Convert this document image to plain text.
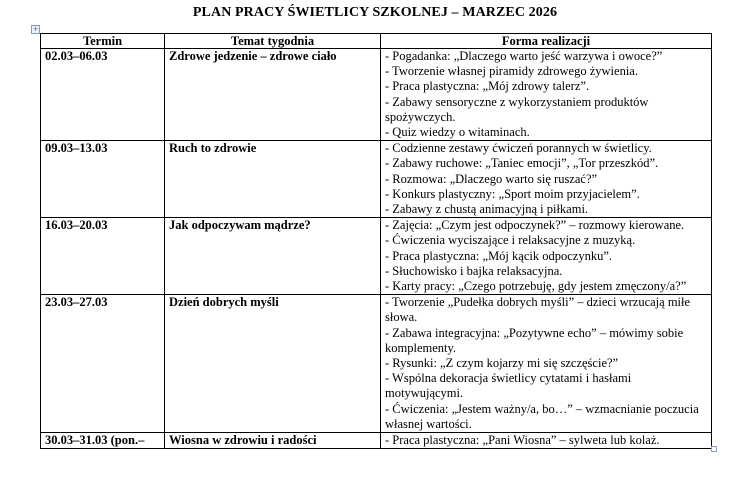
PLAN PRACY ŚWIETLICY SZKOLNEJ – MARZEC 2026
+
Termin	Temat tygodnia	Forma realizacji
02.03–06.03	Zdrowe jedzenie – zdrowe ciało	- Pogadanka: „Dlaczego warto jeść warzywa i owoce?”
- Tworzenie własnej piramidy zdrowego żywienia.
- Praca plastyczna: „Mój zdrowy talerz”.
- Zabawy sensoryczne z wykorzystaniem produktów spożywczych.
- Quiz wiedzy o witaminach.

09.03–13.03	Ruch to zdrowie	- Codzienne zestawy ćwiczeń porannych w świetlicy.
- Zabawy ruchowe: „Taniec emocji”, „Tor przeszkód”.
- Rozmowa: „Dlaczego warto się ruszać?”
- Konkurs plastyczny: „Sport moim przyjacielem”.
- Zabawy z chustą animacyjną i piłkami.

16.03–20.03	Jak odpoczywam mądrze?	- Zajęcia: „Czym jest odpoczynek?” – rozmowy kierowane.
- Ćwiczenia wyciszające i relaksacyjne z muzyką.
- Praca plastyczna: „Mój kącik odpoczynku”.
- Słuchowisko i bajka relaksacyjna.
- Karty pracy: „Czego potrzebuję, gdy jestem zmęczony/a?”

23.03–27.03	Dzień dobrych myśli	- Tworzenie „Pudełka dobrych myśli” – dzieci wrzucają miłe słowa.
- Zabawa integracyjna: „Pozytywne echo” – mówimy sobie komplementy.
- Rysunki: „Z czym kojarzy mi się szczęście?”
- Wspólna dekoracja świetlicy cytatami i hasłami motywującymi.
- Ćwiczenia: „Jestem ważny/a, bo…” – wzmacnianie poczucia własnej wartości.

30.03–31.03 (pon.–	Wiosna w zdrowiu i radości	- Praca plastyczna: „Pani Wiosna” – sylweta lub kolaż.
